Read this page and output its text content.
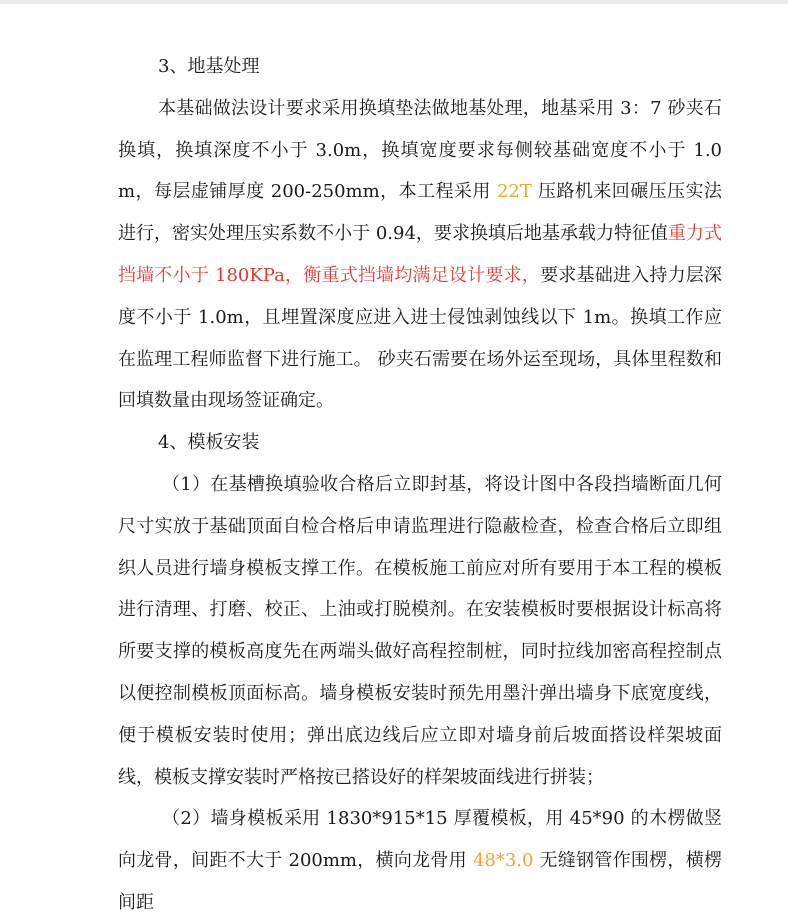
3、地基处理

本基础做法设计要求采用换填垫法做地基处理，地基采用 3：7 砂夹石换填，换填深度不小于 3.0m，换填宽度要求每侧较基础宽度不小于 1.0m，每层虚铺厚度 200-250mm，本工程采用 22T 压路机来回碾压压实法进行，密实处理压实系数不小于 0.94，要求换填后地基承载力特征值重力式挡墙不小于 180KPa，衡重式挡墙均满足设计要求，要求基础进入持力层深度不小于 1.0m，且埋置深度应进入进士侵蚀剥蚀线以下 1m。换填工作应在监理工程师监督下进行施工。 砂夹石需要在场外运至现场，具体里程数和回填数量由现场签证确定。

4、模板安装

（1）在基槽换填验收合格后立即封基，将设计图中各段挡墙断面几何尺寸实放于基础顶面自检合格后申请监理进行隐蔽检查，检查合格后立即组织人员进行墙身模板支撑工作。在模板施工前应对所有要用于本工程的模板进行清理、打磨、校正、上油或打脱模剂。在安装模板时要根据设计标高将所要支撑的模板高度先在两端头做好高程控制桩，同时拉线加密高程控制点以便控制模板顶面标高。墙身模板安装时预先用墨汁弹出墙身下底宽度线，便于模板安装时使用；弹出底边线后应立即对墙身前后坡面搭设样架坡面线，模板支撑安装时严格按已搭设好的样架坡面线进行拼装；

（2）墙身模板采用 1830*915*15 厚覆模板，用 45*90 的木楞做竖向龙骨，间距不大于 200mm，横向龙骨用 48*3.0 无缝钢管作围楞，横楞间距
